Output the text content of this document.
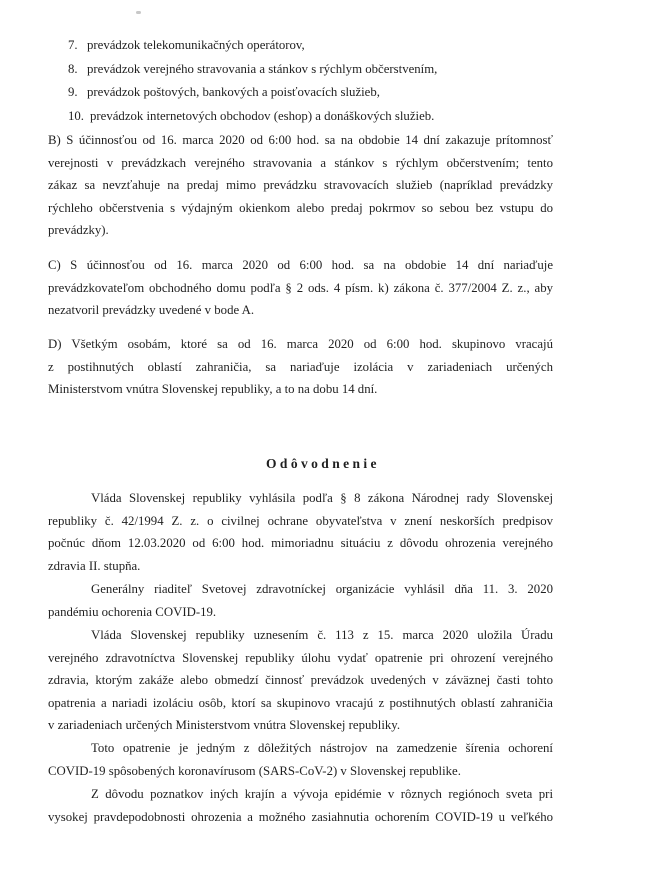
7. prevádzok telekomunikačných operátorov,
8. prevádzok verejného stravovania a stánkov s rýchlym občerstvením,
9. prevádzok poštových, bankových a poisťovacích služieb,
10. prevádzok internetových obchodov (eshop) a donáškových služieb.

B) S účinnosťou od 16. marca 2020 od 6:00 hod. sa na obdobie 14 dní zakazuje prítomnosť
verejnosti v prevádzkach verejného stravovania a stánkov s rýchlym občerstvením; tento
zákaz sa nevzťahuje na predaj mimo prevádzku stravovacích služieb (napríklad prevádzky
rýchleho občerstvenia s výdajným okienkom alebo predaj pokrmov so sebou bez vstupu do
prevádzky).

C) S účinnosťou od 16. marca 2020 od 6:00 hod. sa na obdobie 14 dní nariaďuje
prevádzkovateľom obchodného domu podľa § 2 ods. 4 písm. k) zákona č. 377/2004 Z. z., aby
nezatvoril prevádzky uvedené v bode A.

D) Všetkým osobám, ktoré sa od 16. marca 2020 od 6:00 hod. skupinovo vracajú
z postihnutých oblastí zahraničia, sa nariaďuje izolácia v zariadeniach určených
Ministerstvom vnútra Slovenskej republiky, a to na dobu 14 dní.

Odôvodnenie

Vláda Slovenskej republiky vyhlásila podľa § 8 zákona Národnej rady Slovenskej
republiky č. 42/1994 Z. z. o civilnej ochrane obyvateľstva v znení neskorších predpisov
počnúc dňom 12.03.2020 od 6:00 hod. mimoriadnu situáciu z dôvodu ohrozenia verejného
zdravia II. stupňa.

Generálny riaditeľ Svetovej zdravotníckej organizácie vyhlásil dňa 11. 3. 2020
pandémiu ochorenia COVID-19.

Vláda Slovenskej republiky uznesením č. 113 z 15. marca 2020 uložila Úradu
verejného zdravotníctva Slovenskej republiky úlohu vydať opatrenie pri ohrození verejného
zdravia, ktorým zakáže alebo obmedzí činnosť prevádzok uvedených v záväznej časti tohto
opatrenia a nariadi izoláciu osôb, ktorí sa skupinovo vracajú z postihnutých oblastí zahraničia
v zariadeniach určených Ministerstvom vnútra Slovenskej republiky.

Toto opatrenie je jedným z dôležitých nástrojov na zamedzenie šírenia ochorení
COVID-19 spôsobených koronavírusom (SARS-CoV-2) v Slovenskej republike.

Z dôvodu poznatkov iných krajín a vývoja epidémie v rôznych regiónoch sveta pri
vysokej pravdepodobnosti ohrozenia a možného zasiahnutia ochorením COVID-19 u veľkého
